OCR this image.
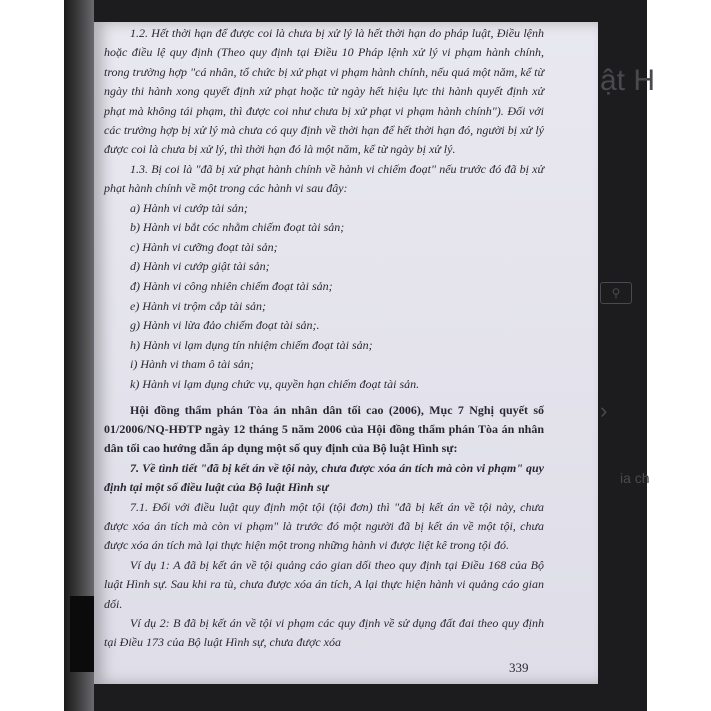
ật H
⚲
›
ia ch

1.2. Hết thời hạn để được coi là chưa bị xử lý là hết thời hạn do pháp luật, Điều lệnh hoặc điều lệ quy định (Theo quy định tại Điều 10 Pháp lệnh xử lý vi phạm hành chính, trong trường hợp "cá nhân, tổ chức bị xử phạt vi phạm hành chính, nếu quá một năm, kể từ ngày thi hành xong quyết định xử phạt hoặc từ ngày hết hiệu lực thi hành quyết định xử phạt mà không tái phạm, thì được coi như chưa bị xử phạt vi phạm hành chính"). Đối với các trường hợp bị xử lý mà chưa có quy định về thời hạn để hết thời hạn đó, người bị xử lý được coi là chưa bị xử lý, thì thời hạn đó là một năm, kể từ ngày bị xử lý.

1.3. Bị coi là "đã bị xử phạt hành chính về hành vi chiếm đoạt" nếu trước đó đã bị xử phạt hành chính về một trong các hành vi sau đây:

a) Hành vi cướp tài sản;
b) Hành vi bắt cóc nhằm chiếm đoạt tài sản;
c) Hành vi cưỡng đoạt tài sản;
d) Hành vi cướp giật tài sản;
đ) Hành vi công nhiên chiếm đoạt tài sản;
e) Hành vi trộm cắp tài sản;
g) Hành vi lừa đảo chiếm đoạt tài sản;.
h) Hành vi lạm dụng tín nhiệm chiếm đoạt tài sản;
i) Hành vi tham ô tài sản;
k) Hành vi lạm dụng chức vụ, quyền hạn chiếm đoạt tài sản.

Hội đồng thẩm phán Tòa án nhân dân tối cao (2006), Mục 7 Nghị quyết số 01/2006/NQ-HĐTP ngày 12 tháng 5 năm 2006 của Hội đồng thẩm phán Tòa án nhân dân tối cao hướng dẫn áp dụng một số quy định của Bộ luật Hình sự:

7. Về tình tiết "đã bị kết án về tội này, chưa được xóa án tích mà còn vi phạm" quy định tại một số điều luật của Bộ luật Hình sự

7.1. Đối với điều luật quy định một tội (tội đơn) thì "đã bị kết án về tội này, chưa được xóa án tích mà còn vi phạm" là trước đó một người đã bị kết án về một tội, chưa được xóa án tích mà lại thực hiện một trong những hành vi được liệt kê trong tội đó.

Ví dụ 1: A đã bị kết án về tội quảng cáo gian dối theo quy định tại Điều 168 của Bộ luật Hình sự. Sau khi ra tù, chưa được xóa án tích, A lại thực hiện hành vi quảng cáo gian dối.

Ví dụ 2: B đã bị kết án về tội vi phạm các quy định về sử dụng đất đai theo quy định tại Điều 173 của Bộ luật Hình sự, chưa được xóa

339
